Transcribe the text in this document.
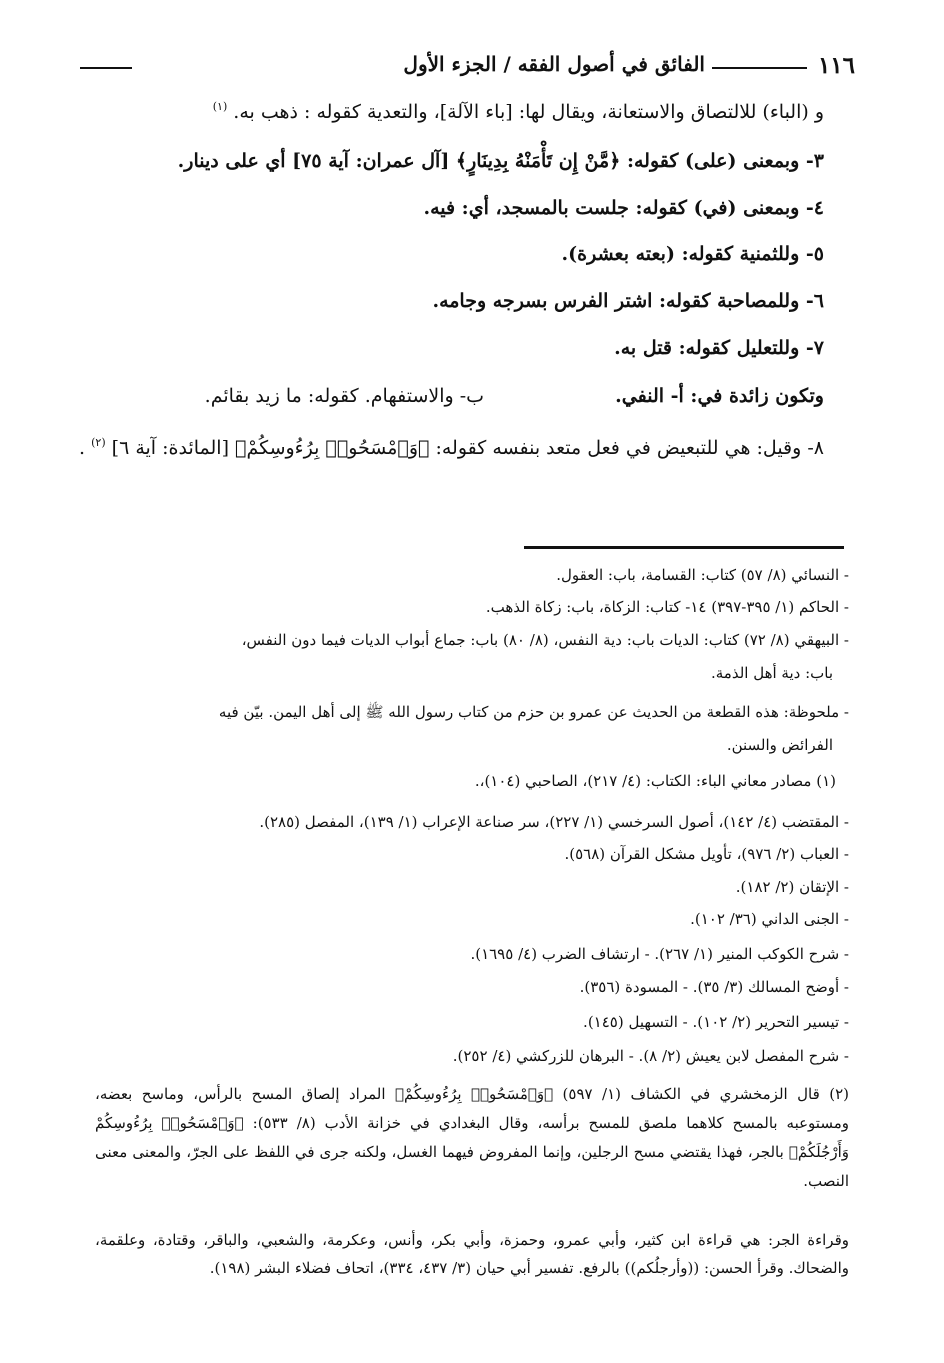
١١٦
الفائق في أصول الفقه / الجزء الأول
و (الباء) للالتصاق والاستعانة، ويقال لها: [باء الآلة]، والتعدية كقوله : ذهب به. $^{(١)}$
٣- وبمعنى (على) كقوله: ﴿مَّنْ إِن تَأْمَنْهُ بِدِينَارٍ﴾ [آل عمران: آية ٧٥] أي على دينار.
٤- وبمعنى (في) كقوله: جلست بالمسجد، أي: فيه.
٥- وللثمنية كقوله: (بعته بعشرة).
٦- وللمصاحبة كقوله: اشتر الفرس بسرجه وجامه.
٧- وللتعليل كقوله: قتل به.
وتكون زائدة في: أ- النفي.
ب- والاستفهام. كقوله: ما زيد بقائم.
٨- وقيل: هي للتبعيض في فعل متعد بنفسه كقوله: ﴿وَٱمْسَحُوا۟ بِرُءُوسِكُمْ﴾ [المائدة: آية ٦] $^{(٢)}$ .
- النسائي (٨/ ٥٧) كتاب: القسامة، باب: العقول.
- الحاكم (١/ ٣٩٥-٣٩٧) ١٤- كتاب: الزكاة، باب: زكاة الذهب.
- البيهقي (٨/ ٧٢) كتاب: الديات باب: دية النفس، (٨/ ٨٠) باب: جماع أبواب الديات فيما دون النفس،
باب: دية أهل الذمة.
- ملحوظة: هذه القطعة من الحديث عن عمرو بن حزم من كتاب رسول الله ﷺ إلى أهل اليمن. بيّن فيه
الفرائض والسنن.
(١) مصادر معاني الباء: الكتاب: (٤/ ٢١٧)، الصاحبي (١٠٤)،.
- المقتضب (٤/ ١٤٢)، أصول السرخسي (١/ ٢٢٧)، سر صناعة الإعراب (١/ ١٣٩)، المفصل (٢٨٥).
- العباب (٢/ ٩٧٦)، تأويل مشكل القرآن (٥٦٨).
- الإتقان (٢/ ١٨٢).
- الجنى الداني (٣٦/ ١٠٢).
- شرح الكوكب المنير (١/ ٢٦٧). - ارتشاف الضرب (٤/ ١٦٩٥).
- أوضح المسالك (٣/ ٣٥). - المسودة (٣٥٦).
- تيسير التحرير (٢/ ١٠٢). - التسهيل (١٤٥).
- شرح المفصل لابن يعيش (٢/ ٨). - البرهان للزركشي (٤/ ٢٥٢).
(٢) قال الزمخشري في الكشاف (١/ ٥٩٧) ﴿وَٱمْسَحُوا۟ بِرُءُوسِكُمْ﴾ المراد إلصاق المسح بالرأس، وماسح بعضه، ومستوعبه بالمسح كلاهما ملصق للمسح برأسه، وقال البغدادي في خزانة الأدب (٨/ ٥٣٣): ﴿وَٱمْسَحُوا۟ بِرُءُوسِكُمْ وَأَرْجُلَكُمْ﴾ بالجر، فهذا يقتضي مسح الرجلين، وإنما المفروض فيهما الغسل، ولكنه جرى في اللفظ على الجرّ، والمعنى معنى النصب.
وقراءة الجر: هي قراءة ابن كثير، وأبي عمرو، وحمزة، وأبي بكر، وأنس، وعكرمة، والشعبي، والباقر، وقتادة، وعلقمة، والضحاك. وقرأ الحسن: ((وأرجلُكم)) بالرفع. تفسير أبي حيان (٣/ ٤٣٧، ٣٣٤)، اتحاف فضلاء البشر (١٩٨).
